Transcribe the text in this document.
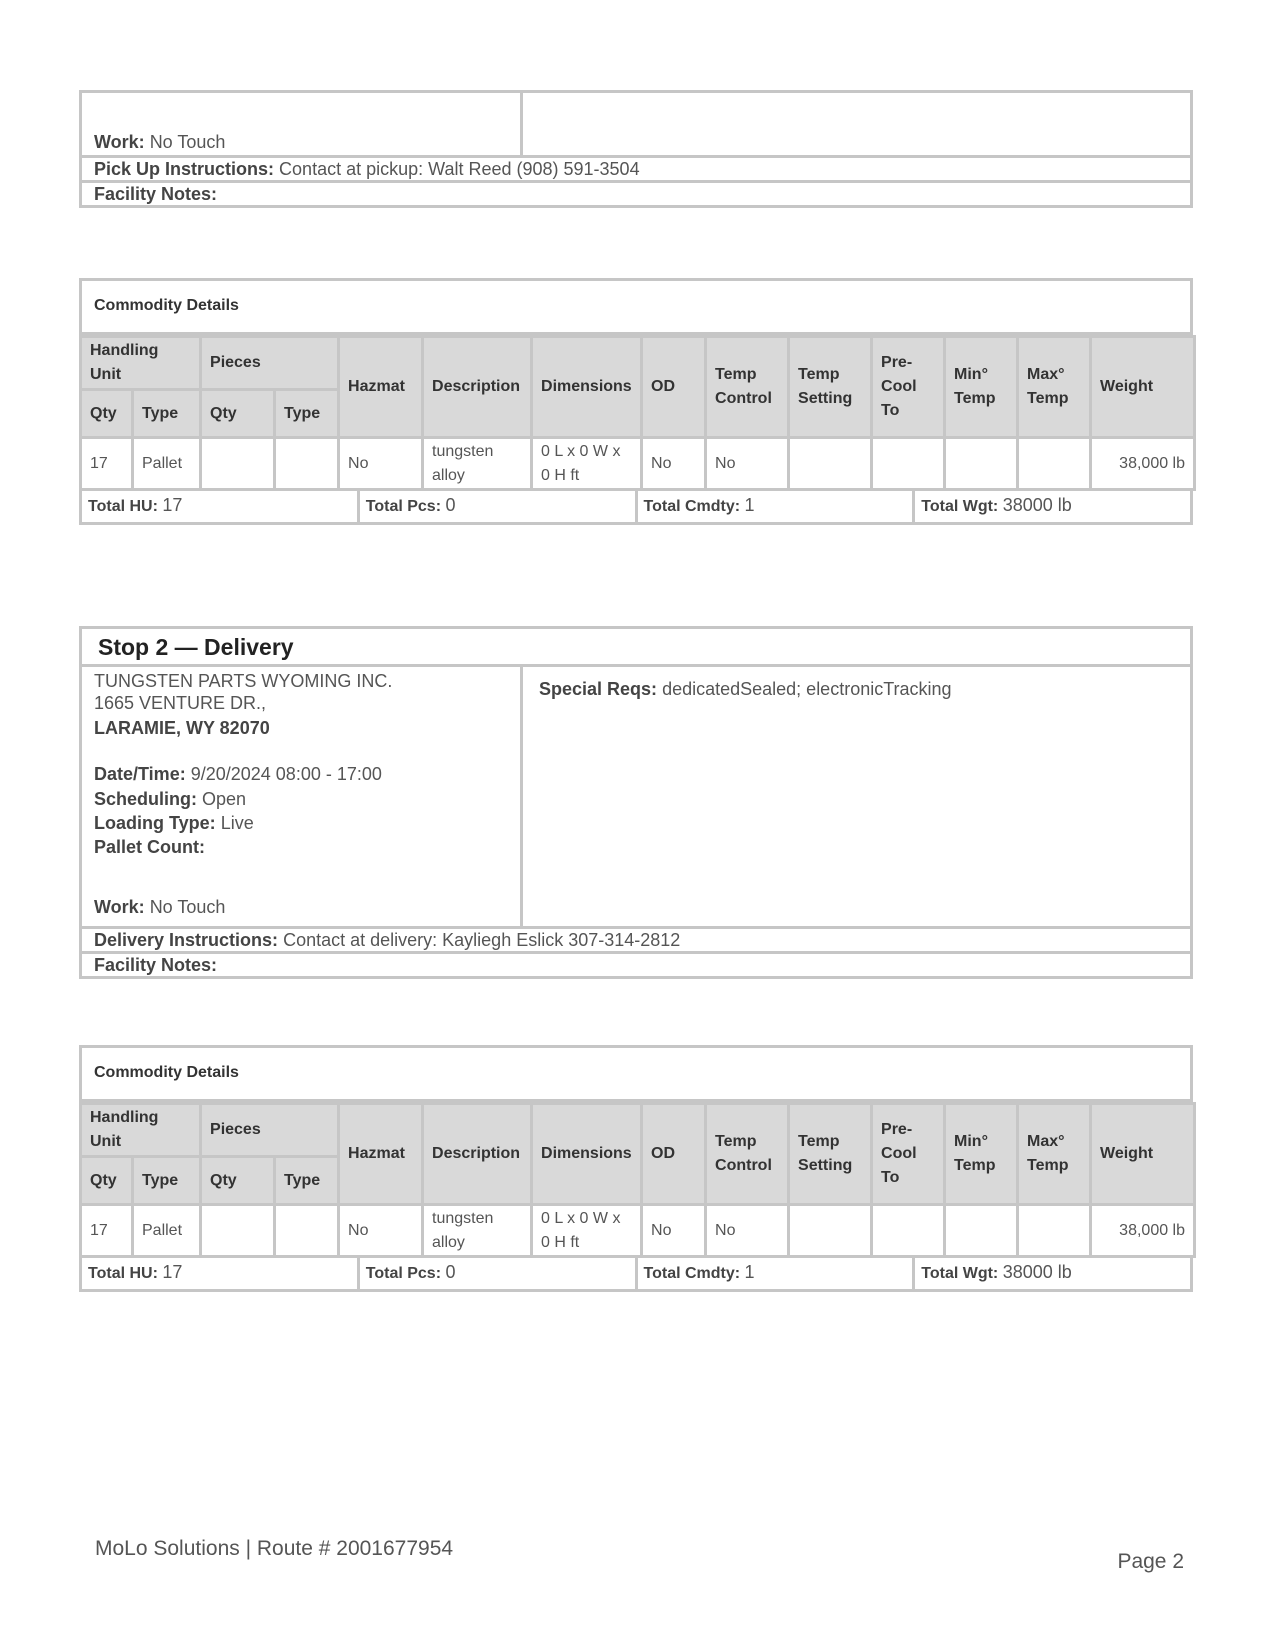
Work: No Touch
Pick Up Instructions: Contact at pickup: Walt Reed (908) 591-3504
Facility Notes:
Commodity Details
Handling Unit		Pieces		Hazmat	Description	Dimensions	OD	Temp Control	Temp Setting	Pre-Cool To	Min° Temp	Max° Temp	Weight
Qty	Type	Qty	Type										
17	Pallet			No	tungsten alloy	0 L x 0 W x 0 H ft	No	No					38,000 lb
Total HU: 17	Total Pcs: 0	Total Cmdty: 1	Total Wgt: 38000 lb
Stop 2 — Delivery
TUNGSTEN PARTS WYOMING INC.
1665 VENTURE DR.,
LARAMIE, WY 82070
Date/Time: 9/20/2024 08:00 - 17:00
Scheduling: Open
Loading Type: Live
Pallet Count:
Work: No Touch
Special Reqs: dedicatedSealed; electronicTracking
Delivery Instructions: Contact at delivery: Kayliegh Eslick 307-314-2812
Facility Notes:
Commodity Details
Handling Unit		Pieces		Hazmat	Description	Dimensions	OD	Temp Control	Temp Setting	Pre-Cool To	Min° Temp	Max° Temp	Weight
Qty	Type	Qty	Type										
17	Pallet			No	tungsten alloy	0 L x 0 W x 0 H ft	No	No					38,000 lb
Total HU: 17	Total Pcs: 0	Total Cmdty: 1	Total Wgt: 38000 lb
MoLo Solutions | Route # 2001677954
Page 2
